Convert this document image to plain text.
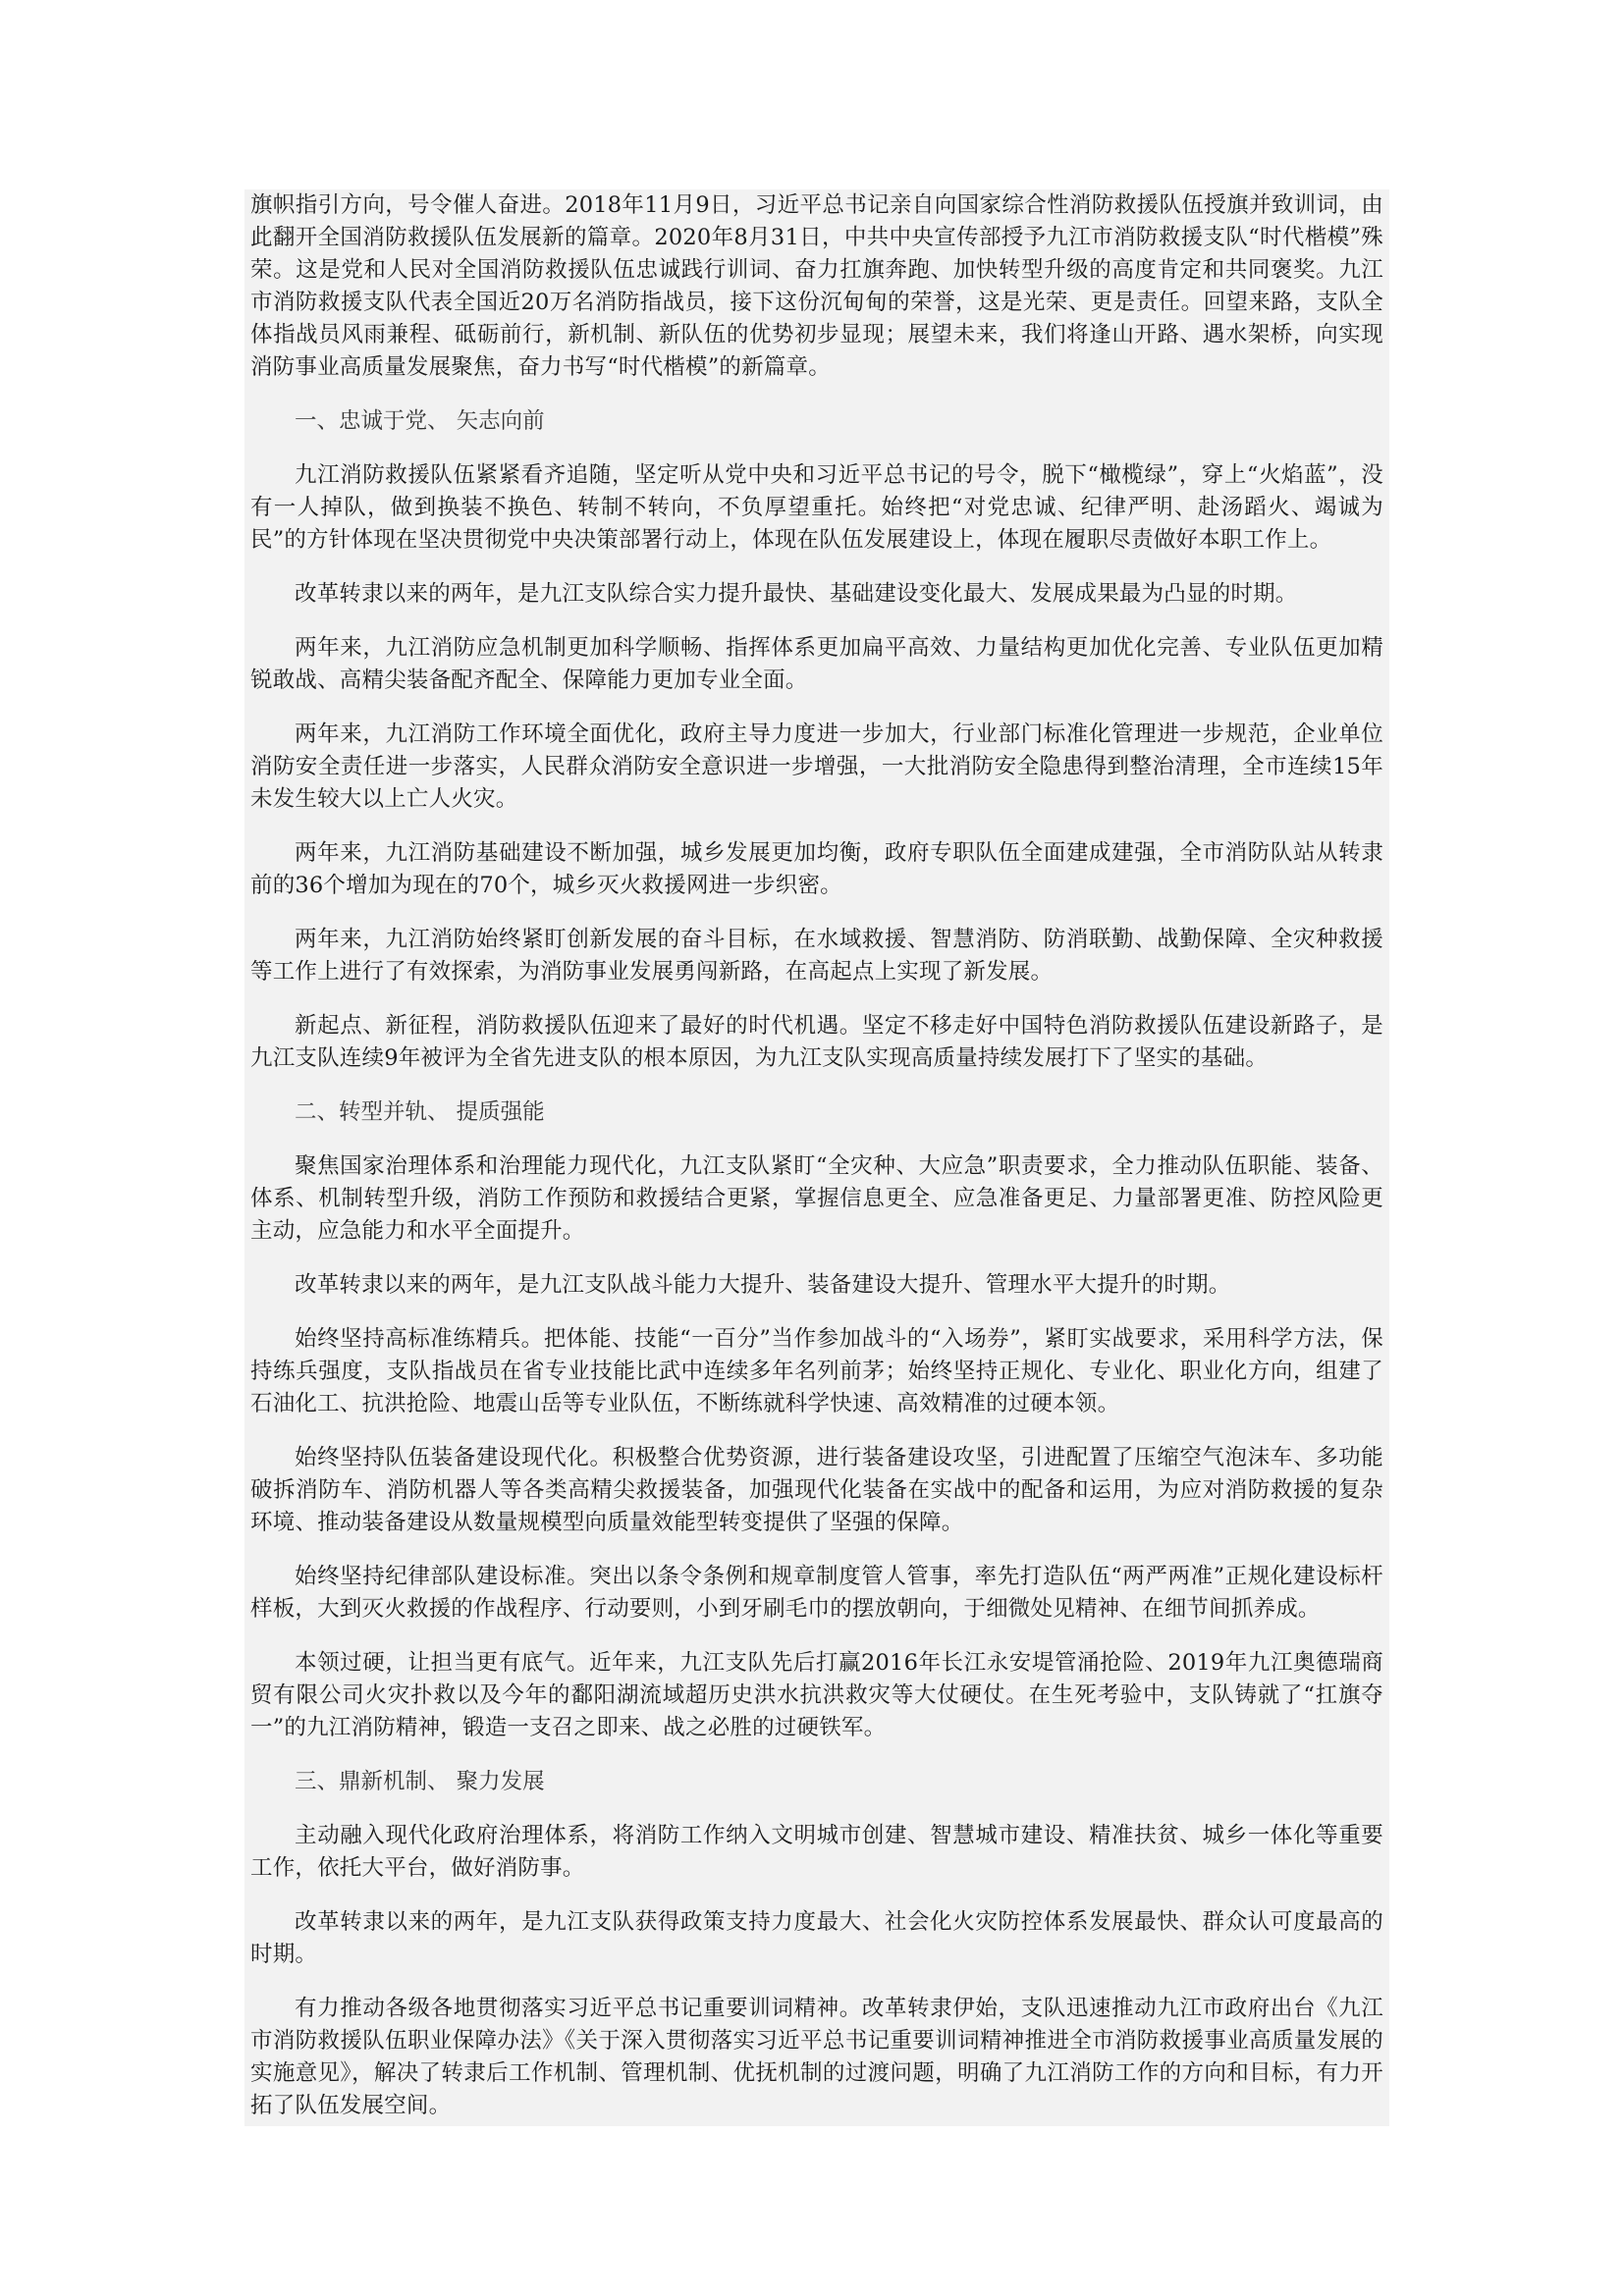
旗帜指引方向，号令催人奋进。2018年11月9日，习近平总书记亲自向国家综合性消防救援队伍授旗并致训词，由此翻开全国消防救援队伍发展新的篇章。2020年8月31日，中共中央宣传部授予九江市消防救援支队“时代楷模”殊荣。这是党和人民对全国消防救援队伍忠诚践行训词、奋力扛旗奔跑、加快转型升级的高度肯定和共同褒奖。九江市消防救援支队代表全国近20万名消防指战员，接下这份沉甸甸的荣誉，这是光荣、更是责任。回望来路，支队全体指战员风雨兼程、砥砺前行，新机制、新队伍的优势初步显现；展望未来，我们将逢山开路、遇水架桥，向实现消防事业高质量发展聚焦，奋力书写“时代楷模”的新篇章。

一、忠诚于党、 矢志向前

九江消防救援队伍紧紧看齐追随，坚定听从党中央和习近平总书记的号令，脱下“橄榄绿”，穿上“火焰蓝”，没有一人掉队，做到换装不换色、转制不转向，不负厚望重托。始终把“对党忠诚、纪律严明、赴汤蹈火、竭诚为民”的方针体现在坚决贯彻党中央决策部署行动上，体现在队伍发展建设上，体现在履职尽责做好本职工作上。

改革转隶以来的两年，是九江支队综合实力提升最快、基础建设变化最大、发展成果最为凸显的时期。

两年来，九江消防应急机制更加科学顺畅、指挥体系更加扁平高效、力量结构更加优化完善、专业队伍更加精锐敢战、高精尖装备配齐配全、保障能力更加专业全面。

两年来，九江消防工作环境全面优化，政府主导力度进一步加大，行业部门标准化管理进一步规范，企业单位消防安全责任进一步落实，人民群众消防安全意识进一步增强，一大批消防安全隐患得到整治清理，全市连续15年未发生较大以上亡人火灾。

两年来，九江消防基础建设不断加强，城乡发展更加均衡，政府专职队伍全面建成建强，全市消防队站从转隶前的36个增加为现在的70个，城乡灭火救援网进一步织密。

两年来，九江消防始终紧盯创新发展的奋斗目标，在水域救援、智慧消防、防消联勤、战勤保障、全灾种救援等工作上进行了有效探索，为消防事业发展勇闯新路，在高起点上实现了新发展。

新起点、新征程，消防救援队伍迎来了最好的时代机遇。坚定不移走好中国特色消防救援队伍建设新路子，是九江支队连续9年被评为全省先进支队的根本原因，为九江支队实现高质量持续发展打下了坚实的基础。

二、转型并轨、 提质强能

聚焦国家治理体系和治理能力现代化，九江支队紧盯“全灾种、大应急”职责要求，全力推动队伍职能、装备、体系、机制转型升级，消防工作预防和救援结合更紧，掌握信息更全、应急准备更足、力量部署更准、防控风险更主动，应急能力和水平全面提升。

改革转隶以来的两年，是九江支队战斗能力大提升、装备建设大提升、管理水平大提升的时期。

始终坚持高标准练精兵。把体能、技能“一百分”当作参加战斗的“入场券”，紧盯实战要求，采用科学方法，保持练兵强度，支队指战员在省专业技能比武中连续多年名列前茅；始终坚持正规化、专业化、职业化方向，组建了石油化工、抗洪抢险、地震山岳等专业队伍，不断练就科学快速、高效精准的过硬本领。

始终坚持队伍装备建设现代化。积极整合优势资源，进行装备建设攻坚，引进配置了压缩空气泡沫车、多功能破拆消防车、消防机器人等各类高精尖救援装备，加强现代化装备在实战中的配备和运用，为应对消防救援的复杂环境、推动装备建设从数量规模型向质量效能型转变提供了坚强的保障。

始终坚持纪律部队建设标准。突出以条令条例和规章制度管人管事，率先打造队伍“两严两准”正规化建设标杆样板，大到灭火救援的作战程序、行动要则，小到牙刷毛巾的摆放朝向，于细微处见精神、在细节间抓养成。

本领过硬，让担当更有底气。近年来，九江支队先后打赢2016年长江永安堤管涌抢险、2019年九江奥德瑞商贸有限公司火灾扑救以及今年的鄱阳湖流域超历史洪水抗洪救灾等大仗硬仗。在生死考验中，支队铸就了“扛旗夺一”的九江消防精神，锻造一支召之即来、战之必胜的过硬铁军。

三、鼎新机制、 聚力发展

主动融入现代化政府治理体系，将消防工作纳入文明城市创建、智慧城市建设、精准扶贫、城乡一体化等重要工作，依托大平台，做好消防事。

改革转隶以来的两年，是九江支队获得政策支持力度最大、社会化火灾防控体系发展最快、群众认可度最高的时期。

有力推动各级各地贯彻落实习近平总书记重要训词精神。改革转隶伊始，支队迅速推动九江市政府出台《九江市消防救援队伍职业保障办法》《关于深入贯彻落实习近平总书记重要训词精神推进全市消防救援事业高质量发展的实施意见》，解决了转隶后工作机制、管理机制、优抚机制的过渡问题，明确了九江消防工作的方向和目标，有力开拓了队伍发展空间。
